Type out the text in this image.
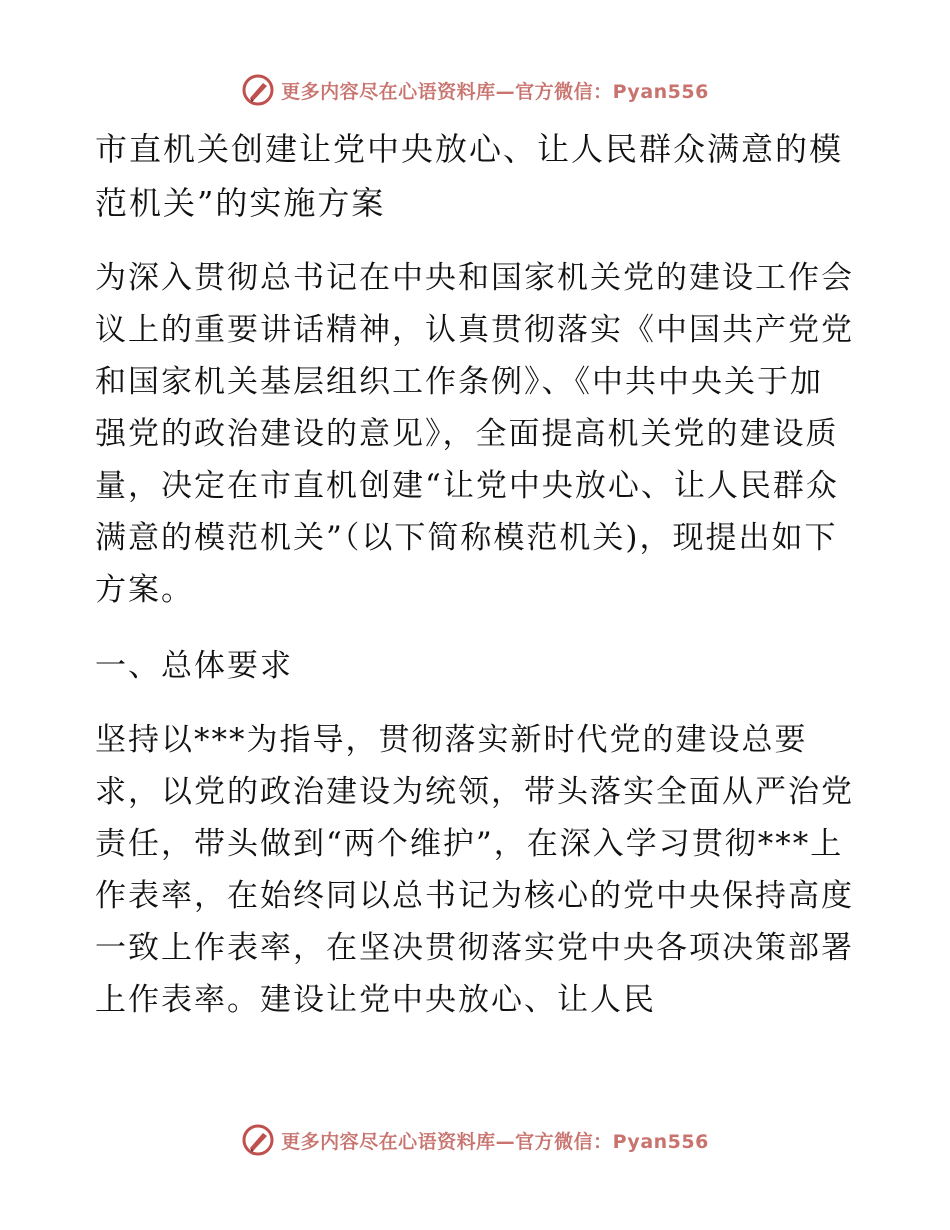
更多内容尽在心语资料库—官方微信：Pyan556
市直机关创建让党中央放心、让人民群众满意的模范机关”的实施方案

为深入贯彻总书记在中央和国家机关党的建设工作会议上的重要讲话精神，认真贯彻落实《中国共产党党和国家机关基层组织工作条例》、《中共中央关于加强党的政治建设的意见》，全面提高机关党的建设质量，决定在市直机创建“让党中央放心、让人民群众满意的模范机关”（以下简称模范机关)，现提出如下方案。

一、总体要求

坚持以***为指导，贯彻落实新时代党的建设总要求，以党的政治建设为统领，带头落实全面从严治党责任，带头做到“两个维护”，在深入学习贯彻***上作表率，在始终同以总书记为核心的党中央保持高度一致上作表率，在坚决贯彻落实党中央各项决策部署上作表率。建设让党中央放心、让人民

更多内容尽在心语资料库—官方微信：Pyan556
